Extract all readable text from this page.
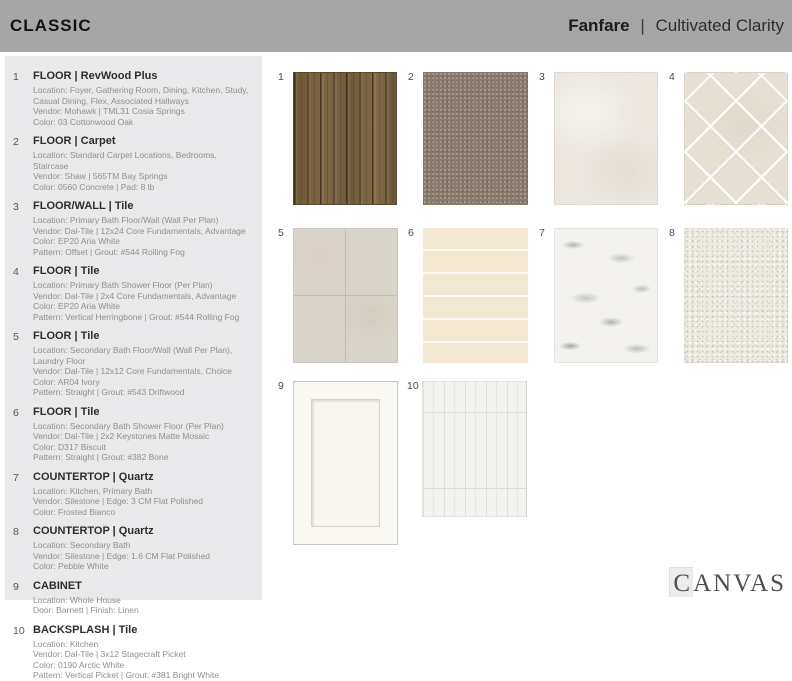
CLASSIC	Fanfare | Cultivated Clarity
1	FLOOR | RevWood Plus
Location: Foyer, Gathering Room, Dining, Kitchen, Study, Casual Dining, Flex, Associated Hallways
Vendor: Mohawk | TML31 Cosia Springs
Color: 03 Cottonwood Oak
2	FLOOR | Carpet
Location: Standard Carpet Locations, Bedrooms, Staircase
Vendor: Shaw | 565TM Bay Springs
Color: 0560 Concrete | Pad: 8 lb
3	FLOOR/WALL | Tile
Location: Primary Bath Floor/Wall (Wall Per Plan)
Vendor: Dal-Tile | 12x24 Core Fundamentals, Advantage
Color: EP20 Aria White
Pattern: Offset | Grout: #544 Rolling Fog
4	FLOOR | Tile
Location: Primary Bath Shower Floor (Per Plan)
Vendor: Dal-Tile | 2x4 Core Fundamentals, Advantage
Color: EP20 Aria White
Pattern: Vertical Herringbone | Grout: #544 Rolling Fog
5	FLOOR | Tile
Location: Secondary Bath Floor/Wall (Wall Per Plan), Laundry Floor
Vendor: Dal-Tile | 12x12 Core Fundamentals, Choice
Color: AR04 Ivory
Pattern: Straight | Grout: #543 Driftwood
6	FLOOR | Tile
Location: Secondary Bath Shower Floor (Per Plan)
Vendor: Dal-Tile | 2x2 Keystones Matte Mosaic
Color: D317 Biscuit
Pattern: Straight | Grout: #382 Bone
7	COUNTERTOP | Quartz
Location: Kitchen, Primary Bath
Vendor: Silestone | Edge: 3 CM Flat Polished
Color: Frosted Bianco
8	COUNTERTOP | Quartz
Location: Secondary Bath
Vendor: Silestone | Edge: 1.6 CM Flat Polished
Color: Pebble White
9	CABINET
Location: Whole House
Door: Barnett | Finish: Linen
10 BACKSPLASH | Tile
Location: Kitchen
Vendor: Dal-Tile | 3x12 Stagecraft Picket
Color: 0190 Arctic White
Pattern: Vertical Picket | Grout: #381 Bright White
1	2	3	4
5	6	7	8
9	10
CANVAS
